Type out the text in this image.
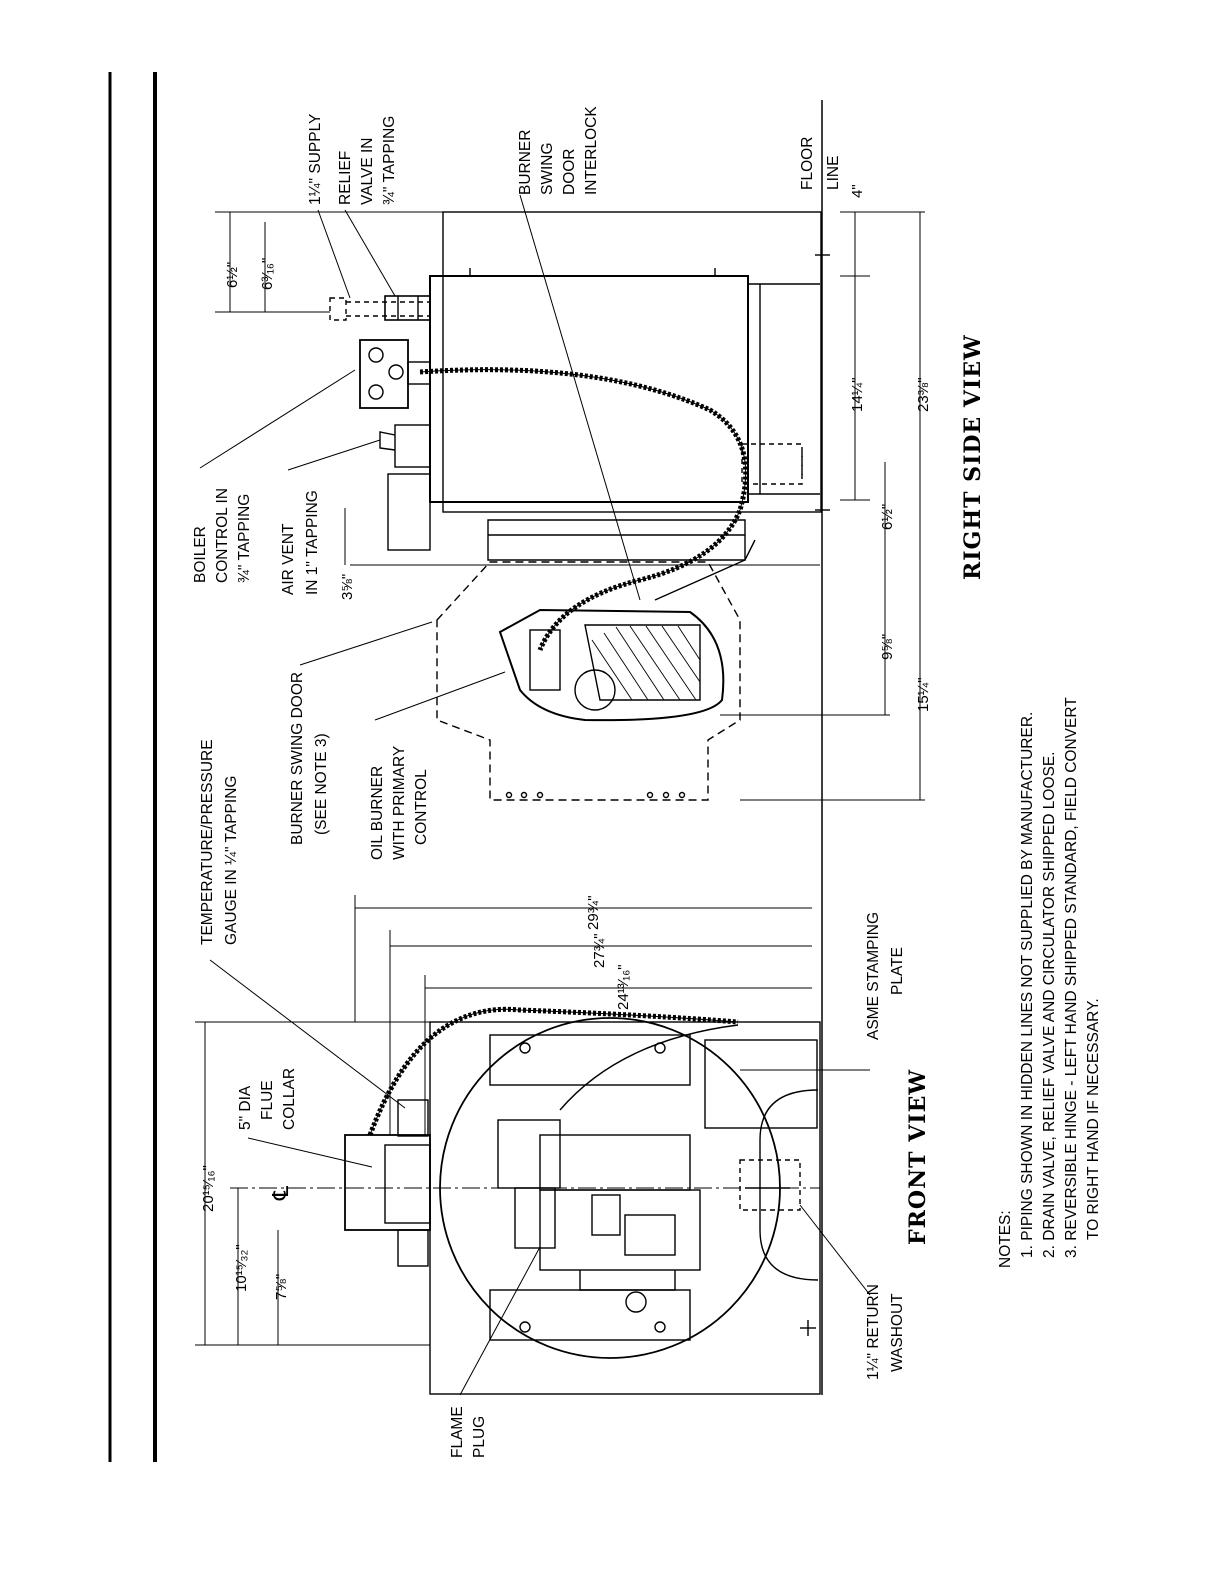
1¼" SUPPLY RELIEF VALVE IN ¾" TAPPING	BURNER SWING DOOR INTERLOCK	FLOOR LINE
BOILER CONTROL IN ¾" TAPPING AIR VENT IN 1" TAPPING
BURNER SWING DOOR (SEE NOTE 3)	OIL BURNER WITH PRIMARY CONTROL
TEMPERATURE/PRESSURE GAUGE IN ¼" TAPPING
5" DIA FLUE COLLAR
ASME STAMPING PLATE
1¼" RETURN WASHOUT
FLAME PLUG
℄
6½" 6³⁄₁₆"
4"
14¼"	23⅜"
6½"
3⅝"
9⅝"
15¼"
29¾"
27¾"
24¹³⁄₁₆"
20¹⁵⁄₁₆"
10¹⁵⁄₃₂" 7⅝"
RIGHT SIDE VIEW
FRONT VIEW	NOTES: 1. PIPING SHOWN IN HIDDEN LINES NOT SUPPLIED BY MANUFACTURER. 2. DRAIN VALVE, RELIEF VALVE AND CIRCULATOR SHIPPED LOOSE. 3. REVERSIBLE HINGE - LEFT HAND SHIPPED STANDARD, FIELD CONVERT TO RIGHT HAND IF NECESSARY.
